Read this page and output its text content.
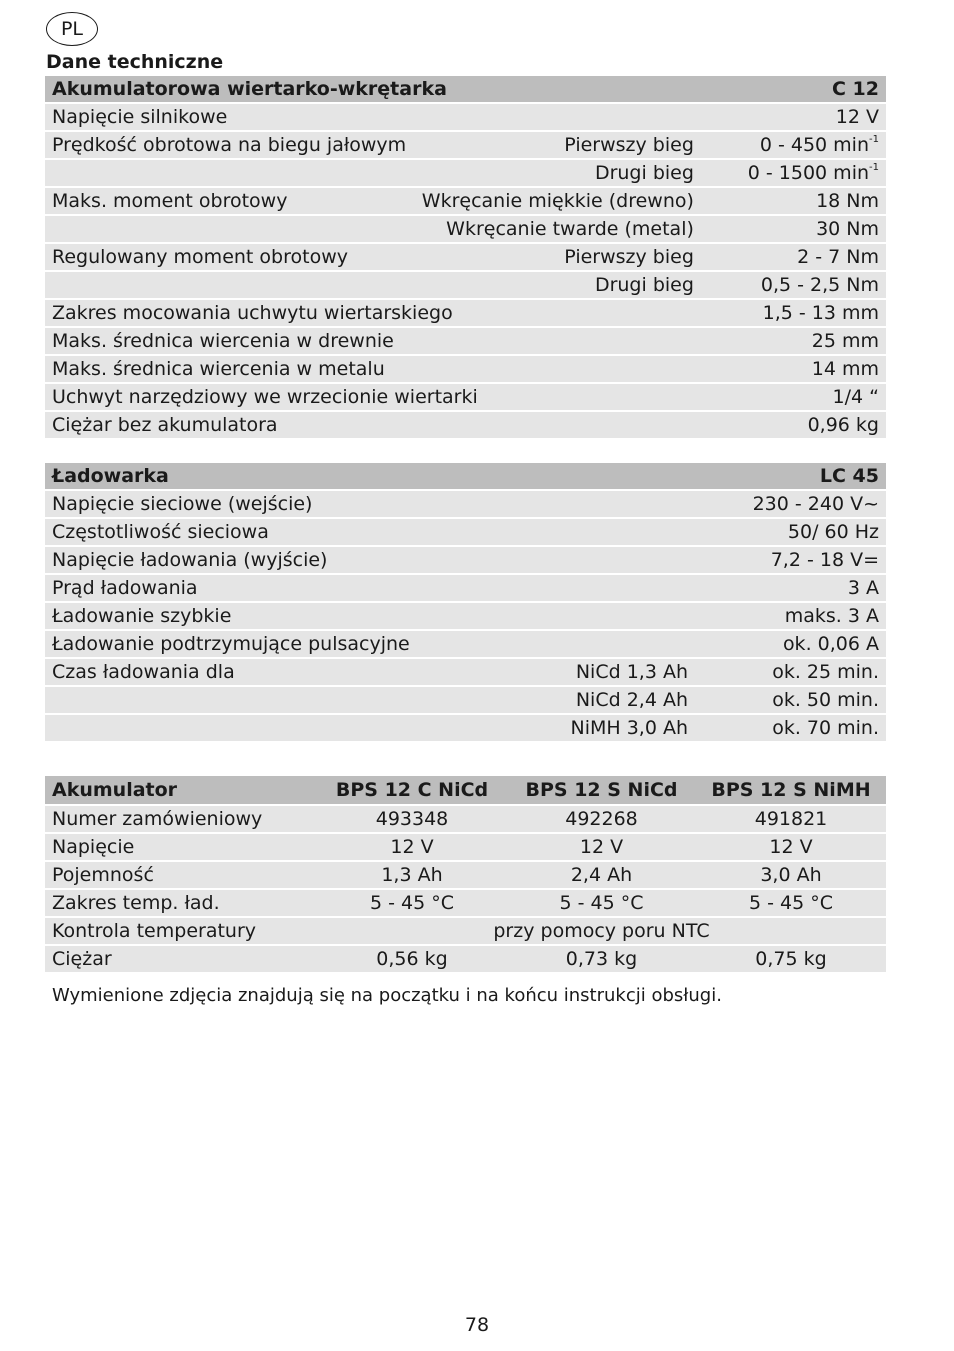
PL
Dane techniczne
Akumulatorowa wiertarko-wkrętarka		C 12
Napięcie silnikowe		12 V
Prędkość obrotowa na biegu jałowym	Pierwszy bieg	0 - 450 $\min^{-1}$
	Drugi bieg	0 - 1500 $\min^{-1}$
Maks. moment obrotowy	Wkręcanie miękkie (drewno)	18 Nm
	Wkręcanie twarde (metal)	30 Nm
Regulowany moment obrotowy	Pierwszy bieg	2 - 7 Nm
	Drugi bieg	0,5 - 2,5 Nm
Zakres mocowania uchwytu wiertarskiego		1,5 - 13 mm
Maks. średnica wiercenia w drewnie		25 mm
Maks. średnica wiercenia w metalu		14 mm
Uchwyt narzędziowy we wrzecionie wiertarki		1/4 “
Ciężar bez akumulatora		0,96 kg
Ładowarka		LC 45
Napięcie sieciowe (wejście)		230 - 240 V~
Częstotliwość sieciowa		50/ 60 Hz
Napięcie ładowania (wyjście)		7,2 - 18 V=
Prąd ładowania		3 A
Ładowanie szybkie		maks. 3 A
Ładowanie podtrzymujące pulsacyjne		ok. 0,06 A
Czas ładowania dla	NiCd 1,3 Ah	ok. 25 min.
	NiCd 2,4 Ah	ok. 50 min.
	NiMH 3,0 Ah	ok. 70 min.
Akumulator	BPS 12 C NiCd	BPS 12 S NiCd	BPS 12 S NiMH
Numer zamówieniowy	493348	492268	491821
Napięcie	12 V	12 V	12 V
Pojemność	1,3 Ah	2,4 Ah	3,0 Ah
Zakres temp. ład.	5 - 45 °C	5 - 45 °C	5 - 45 °C
Kontrola temperatury	przy pomocy poru NTC		
Ciężar	0,56 kg	0,73 kg	0,75 kg
Wymienione zdjęcia znajdują się na początku i na końcu instrukcji obsługi.
78
